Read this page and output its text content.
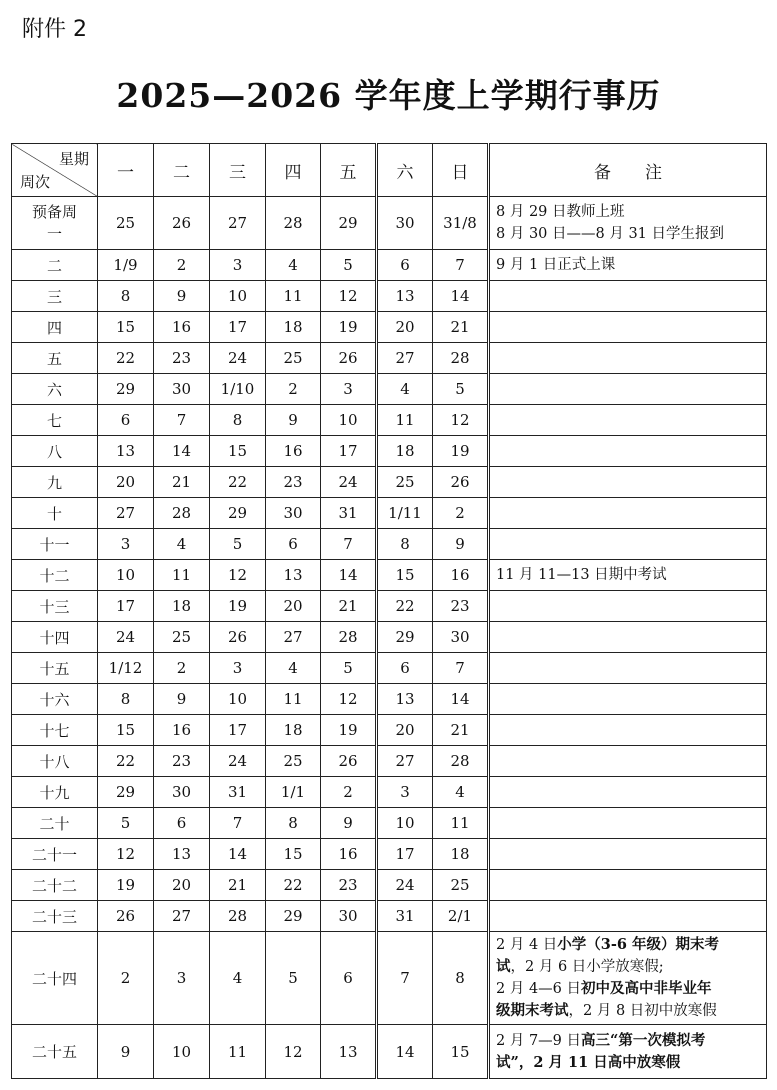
附件 2
2025—2026 学年度上学期行事历
星期
周次	一	二	三	四	五	六	日	备　　注
预备周一	25	26	27	28	29	30	31/8	8 月 29 日教师上班
8 月 30 日——8 月 31 日学生报到

二	1/9	2	3	4	5	6	7	9 月 1 日正式上课

三	8	9	10	11	12	13	14	
四	15	16	17	18	19	20	21	
五	22	23	24	25	26	27	28	
六	29	30	1/10	2	3	4	5	
七	6	7	8	9	10	11	12	
八	13	14	15	16	17	18	19	
九	20	21	22	23	24	25	26	
十	27	28	29	30	31	1/11	2	
十一	3	4	5	6	7	8	9	
十二	10	11	12	13	14	15	16	11 月 11—13 日期中考试

十三	17	18	19	20	21	22	23	
十四	24	25	26	27	28	29	30	
十五	1/12	2	3	4	5	6	7	
十六	8	9	10	11	12	13	14	
十七	15	16	17	18	19	20	21	
十八	22	23	24	25	26	27	28	
十九	29	30	31	1/1	2	3	4	
二十	5	6	7	8	9	10	11	
二十一	12	13	14	15	16	17	18	
二十二	19	20	21	22	23	24	25	
二十三	26	27	28	29	30	31	2/1	
二十四	2	3	4	5	6	7	8	2 月 4 日小学（3-6 年级）期末考
试，2 月 6 日小学放寒假;
2 月 4—6 日初中及高中非毕业年
级期末考试，2 月 8 日初中放寒假

二十五	9	10	11	12	13	14	15	2 月 7—9 日高三“第一次模拟考
试”，2 月 11 日高中放寒假
